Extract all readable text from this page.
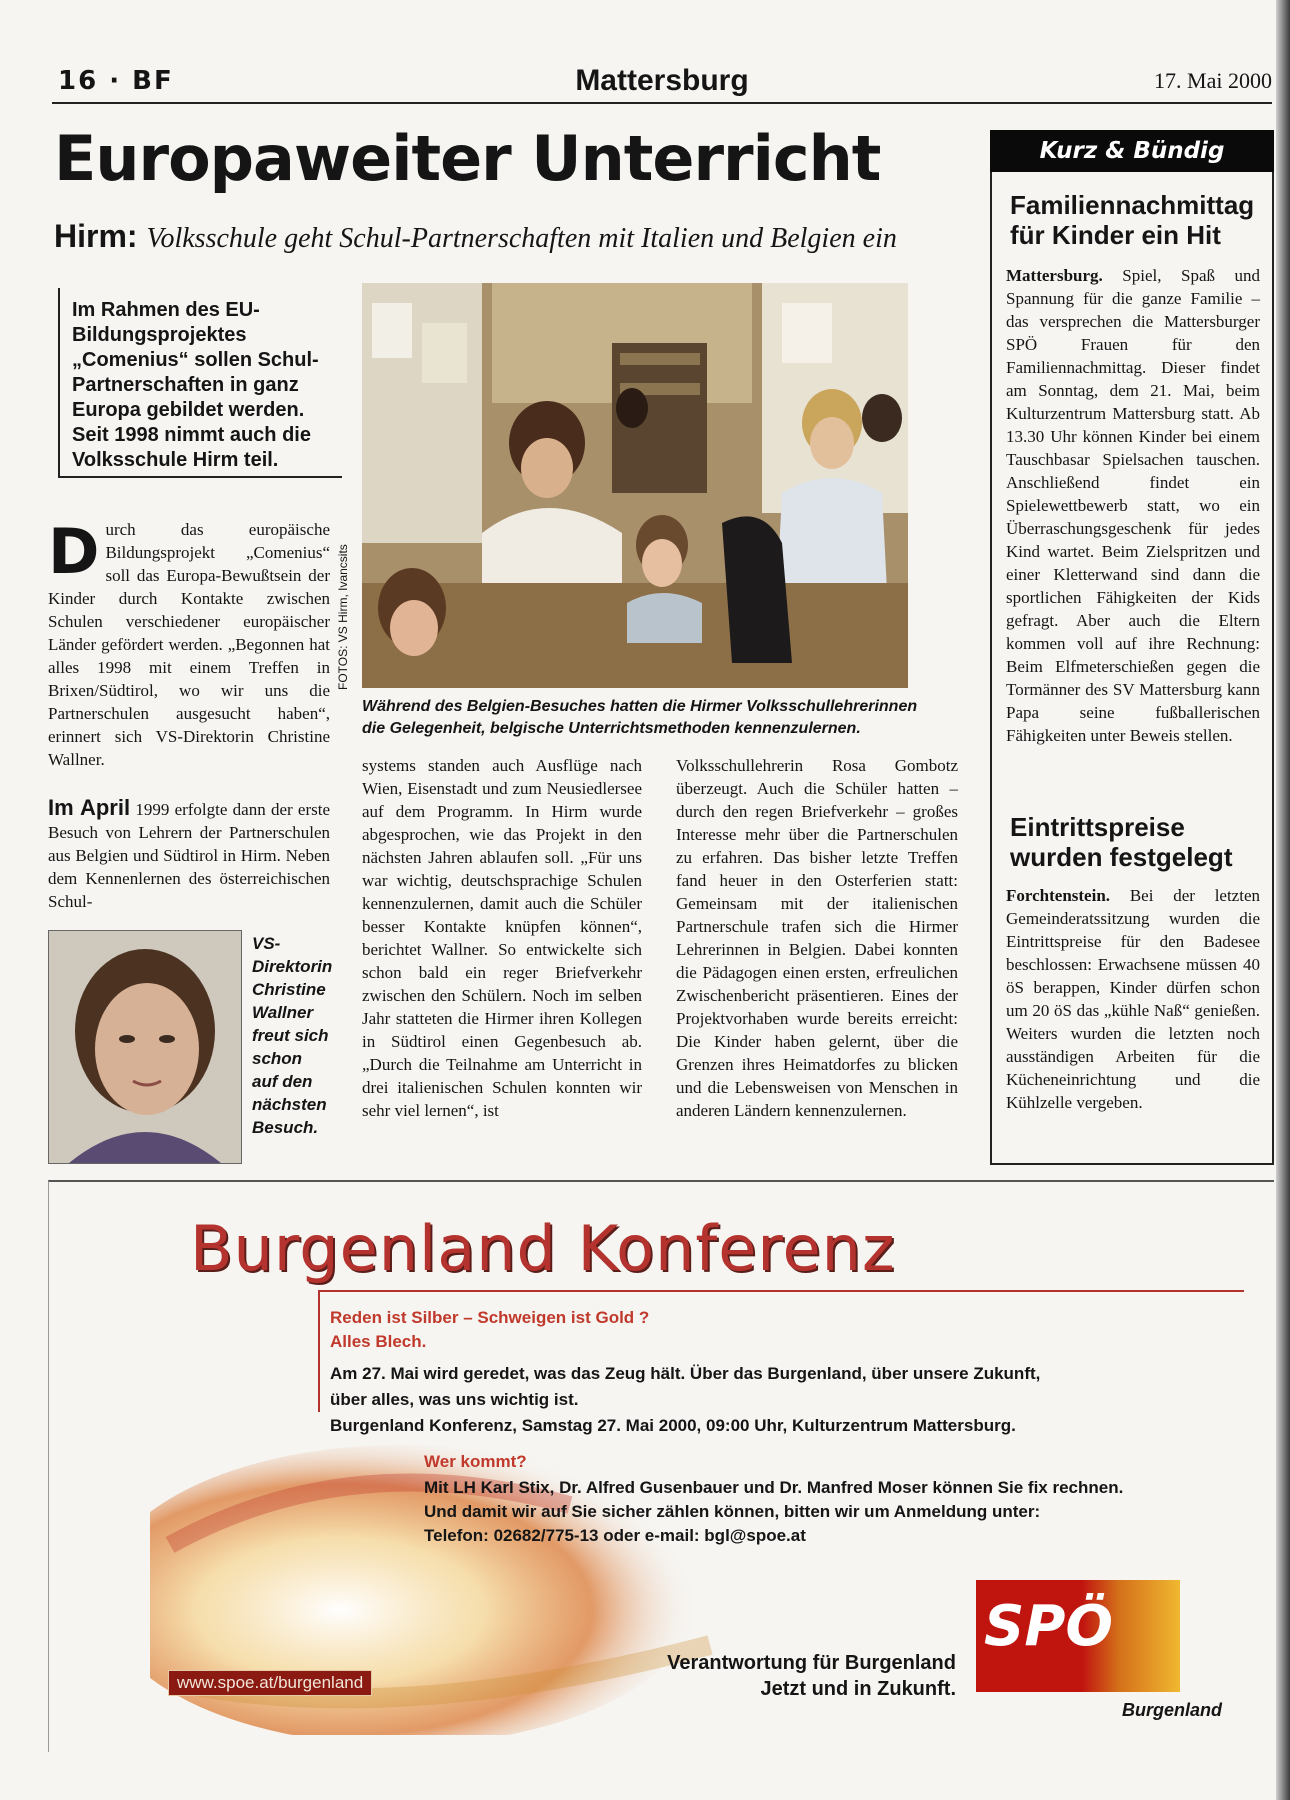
16 · BF	Mattersburg	17. Mai 2000
Europaweiter Unterricht
Hirm: Volksschule geht Schul-Partnerschaften mit Italien und Belgien ein
Im Rahmen des EU-Bildungsprojektes „Comenius“ sollen Schul-Partnerschaften in ganz Europa gebildet werden. Seit 1998 nimmt auch die Volksschule Hirm teil.
Durch das europäische Bildungsprojekt „Comenius“ soll das Europa-Bewußtsein der Kinder durch Kontakte zwischen Schulen verschiedener europäischer Länder gefördert werden. „Begonnen hat alles 1998 mit einem Treffen in Brixen/Südtirol, wo wir uns die Partnerschulen ausgesucht haben“, erinnert sich VS-Direktorin Christine Wallner.
Im April 1999 erfolgte dann der erste Besuch von Lehrern der Partnerschulen aus Belgien und Südtirol in Hirm. Neben dem Kennenlernen des österreichischen Schul-
FOTOS: VS Hirm, Ivancsits
Während des Belgien-Besuches hatten die Hirmer Volksschullehrerinnen die Gelegenheit, belgische Unterrichtsmethoden kennenzulernen.
VS-Direktorin Christine Wallner freut sich schon auf den nächsten Besuch.
systems standen auch Ausflüge nach Wien, Eisenstadt und zum Neusiedlersee auf dem Programm. In Hirm wurde abgesprochen, wie das Projekt in den nächsten Jahren ablaufen soll. „Für uns war wichtig, deutschsprachige Schulen kennenzulernen, damit auch die Schüler besser Kontakte knüpfen können“, berichtet Wallner. So entwickelte sich schon bald ein reger Briefverkehr zwischen den Schülern. Noch im selben Jahr statteten die Hirmer ihren Kollegen in Südtirol einen Gegenbesuch ab. „Durch die Teilnahme am Unterricht in drei italienischen Schulen konnten wir sehr viel lernen“, ist
Volksschullehrerin Rosa Gombotz überzeugt. Auch die Schüler hatten – durch den regen Briefverkehr – großes Interesse mehr über die Partnerschulen zu erfahren. Das bisher letzte Treffen fand heuer in den Osterferien statt: Gemeinsam mit der italienischen Partnerschule trafen sich die Hirmer Lehrerinnen in Belgien. Dabei konnten die Pädagogen einen ersten, erfreulichen Zwischenbericht präsentieren. Eines der Projektvorhaben wurde bereits erreicht: Die Kinder haben gelernt, über die Grenzen ihres Heimatdorfes zu blicken und die Lebensweisen von Menschen in anderen Ländern kennenzulernen.
Kurz & Bündig
Familiennachmittag für Kinder ein Hit
Mattersburg. Spiel, Spaß und Spannung für die ganze Familie – das versprechen die Mattersburger SPÖ Frauen für den Familiennachmittag. Dieser findet am Sonntag, dem 21. Mai, beim Kulturzentrum Mattersburg statt. Ab 13.30 Uhr können Kinder bei einem Tauschbasar Spielsachen tauschen. Anschließend findet ein Spielewettbewerb statt, wo ein Überraschungsgeschenk für jedes Kind wartet. Beim Zielspritzen und einer Kletterwand sind dann die sportlichen Fähigkeiten der Kids gefragt. Aber auch die Eltern kommen voll auf ihre Rechnung: Beim Elfmeterschießen gegen die Tormänner des SV Mattersburg kann Papa seine fußballerischen Fähigkeiten unter Beweis stellen.
Eintrittspreise wurden festgelegt
Forchtenstein. Bei der letzten Gemeinderatssitzung wurden die Eintrittspreise für den Badesee beschlossen: Erwachsene müssen 40 öS berappen, Kinder dürfen schon um 20 öS das „kühle Naß“ genießen. Weiters wurden die letzten noch ausständigen Arbeiten für die Kücheneinrichtung und die Kühlzelle vergeben.
Burgenland Konferenz
Reden ist Silber – Schweigen ist Gold ?
Alles Blech.
Am 27. Mai wird geredet, was das Zeug hält. Über das Burgenland, über unsere Zukunft,
über alles, was uns wichtig ist.
Burgenland Konferenz, Samstag 27. Mai 2000, 09:00 Uhr, Kulturzentrum Mattersburg.
Wer kommt?
Mit LH Karl Stix, Dr. Alfred Gusenbauer und Dr. Manfred Moser können Sie fix rechnen.
Und damit wir auf Sie sicher zählen können, bitten wir um Anmeldung unter:
Telefon: 02682/775-13 oder e-mail: bgl@spoe.at
www.spoe.at/burgenland
Verantwortung für Burgenland
Jetzt und in Zukunft.
SPÖ
Burgenland
